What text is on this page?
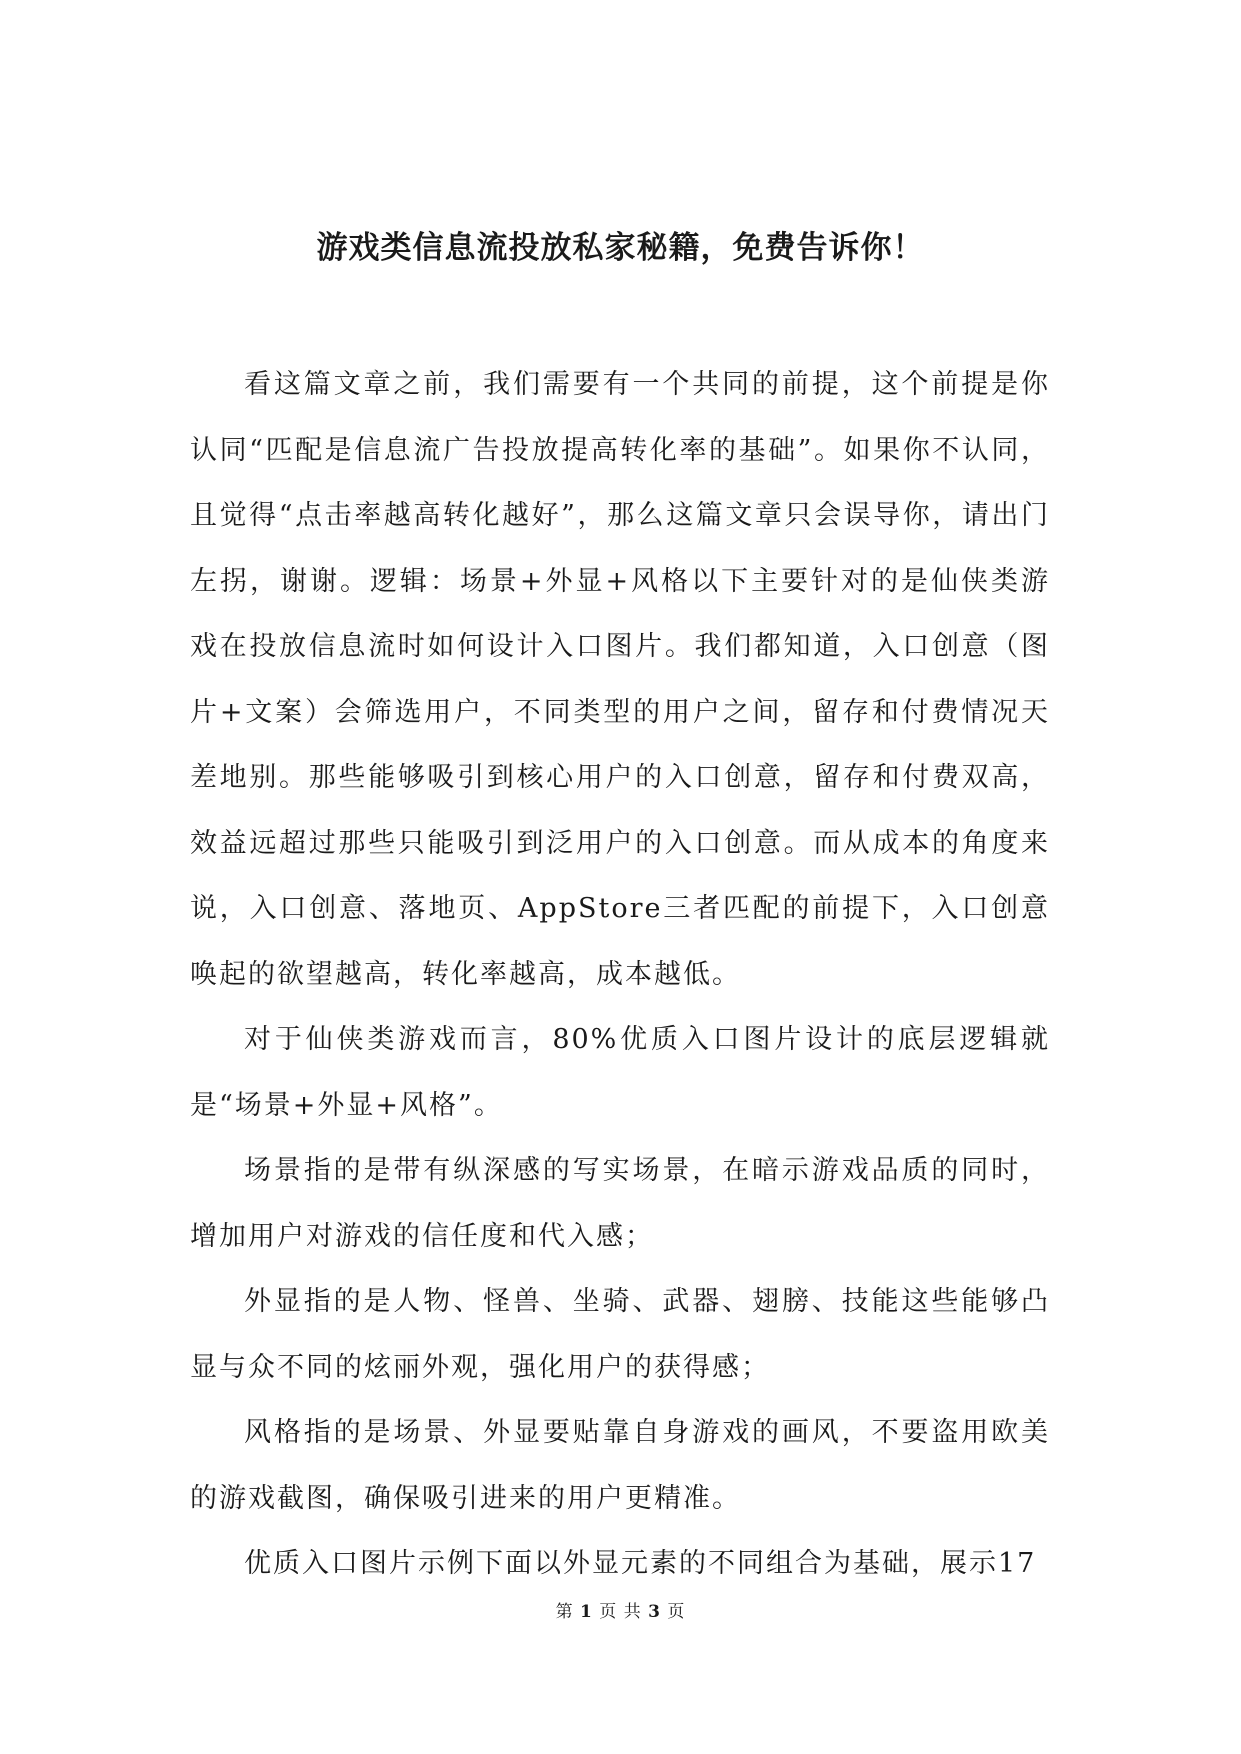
游戏类信息流投放私家秘籍，免费告诉你！

看这篇文章之前，我们需要有一个共同的前提，这个前提是你认同“匹配是信息流广告投放提高转化率的基础”。如果你不认同，且觉得“点击率越高转化越好”，那么这篇文章只会误导你，请出门左拐，谢谢。逻辑：场景+外显+风格以下主要针对的是仙侠类游戏在投放信息流时如何设计入口图片。我们都知道，入口创意（图片+文案）会筛选用户，不同类型的用户之间，留存和付费情况天差地别。那些能够吸引到核心用户的入口创意，留存和付费双高，效益远超过那些只能吸引到泛用户的入口创意。而从成本的角度来说，入口创意、落地页、AppStore三者匹配的前提下，入口创意唤起的欲望越高，转化率越高，成本越低。

对于仙侠类游戏而言，80%优质入口图片设计的底层逻辑就是“场景+外显+风格”。

场景指的是带有纵深感的写实场景，在暗示游戏品质的同时，增加用户对游戏的信任度和代入感；

外显指的是人物、怪兽、坐骑、武器、翅膀、技能这些能够凸显与众不同的炫丽外观，强化用户的获得感；

风格指的是场景、外显要贴靠自身游戏的画风，不要盗用欧美的游戏截图，确保吸引进来的用户更精准。

优质入口图片示例下面以外显元素的不同组合为基础，展示17

第 1 页 共 3 页
